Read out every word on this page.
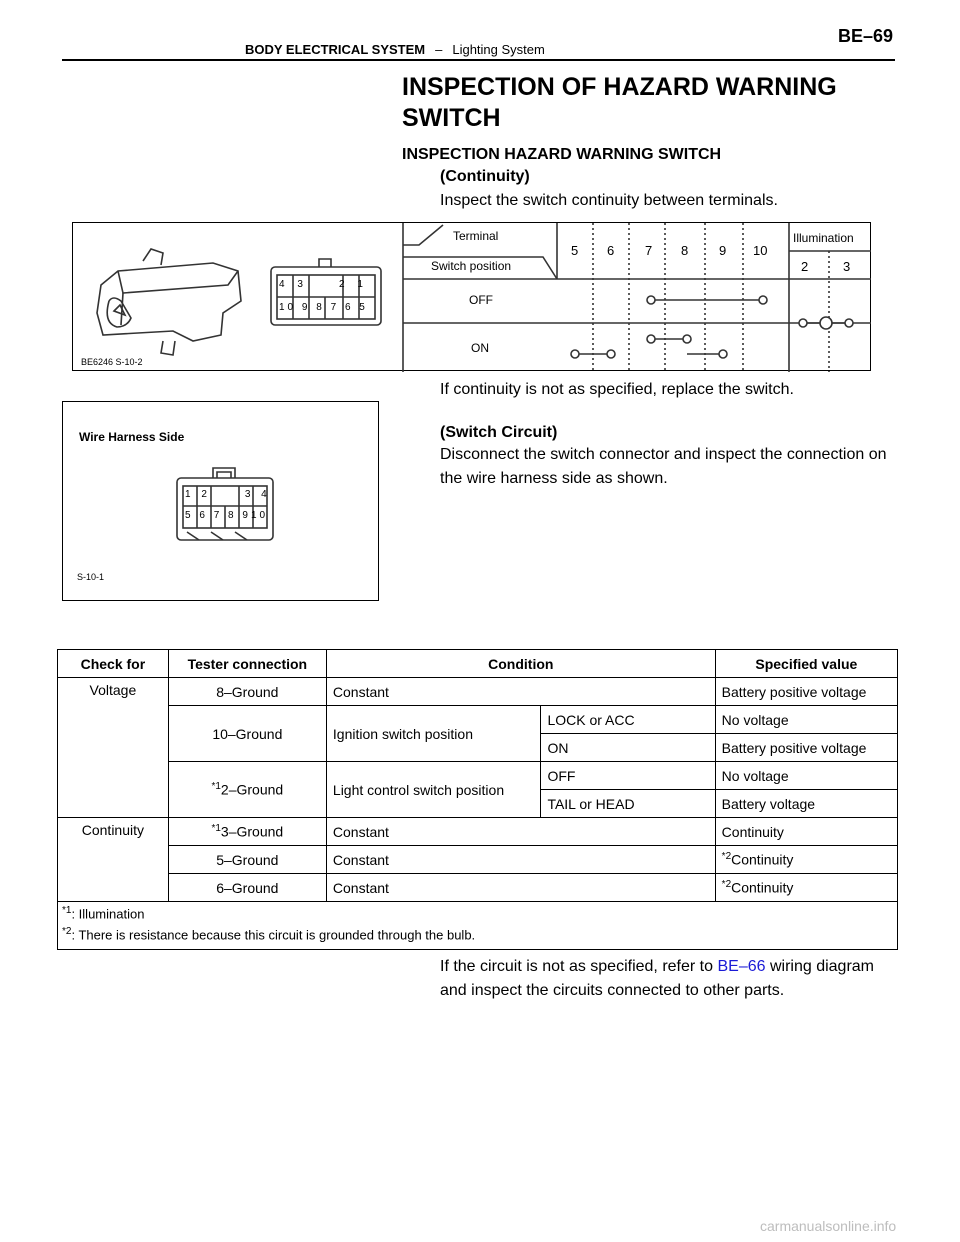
BODY ELECTRICAL SYSTEM – Lighting System
BE–69
INSPECTION OF HAZARD WARNING SWITCH
INSPECTION HAZARD WARNING SWITCH
(Continuity)
Inspect the switch continuity between terminals.
BE6246 S-10-2
4 3	2 1
10 9 8 7 6 5
Terminal
Switch position
5 6 7 8 9 10
Illumination
2	3
OFF
ON
If continuity is not as specified, replace the switch.
Wire Harness Side
1 2	3 4
5 6 7 8 910
S-10-1
(Switch Circuit)
Disconnect the switch connector and inspect the connection on the wire harness side as shown.
Check for	Tester connection	Condition		Specified value
Voltage	8–Ground	Constant		Battery positive voltage
	10–Ground	Ignition switch position	LOCK or ACC	No voltage
			ON	Battery positive voltage
	$^{*1}$2–Ground	Light control switch position	OFF	No voltage
			TAIL or HEAD	Battery voltage
Continuity	$^{*1}$3–Ground	Constant		Continuity
	5–Ground	Constant		$^{*2}$Continuity
	6–Ground	Constant		$^{*2}$Continuity

$^{*1}$: Illumination
$^{*2}$: There is resistance because this circuit is grounded through the bulb.				
If the circuit is not as specified, refer to BE–66 wiring diagram and inspect the circuits connected to other parts.
carmanualsonline.info
